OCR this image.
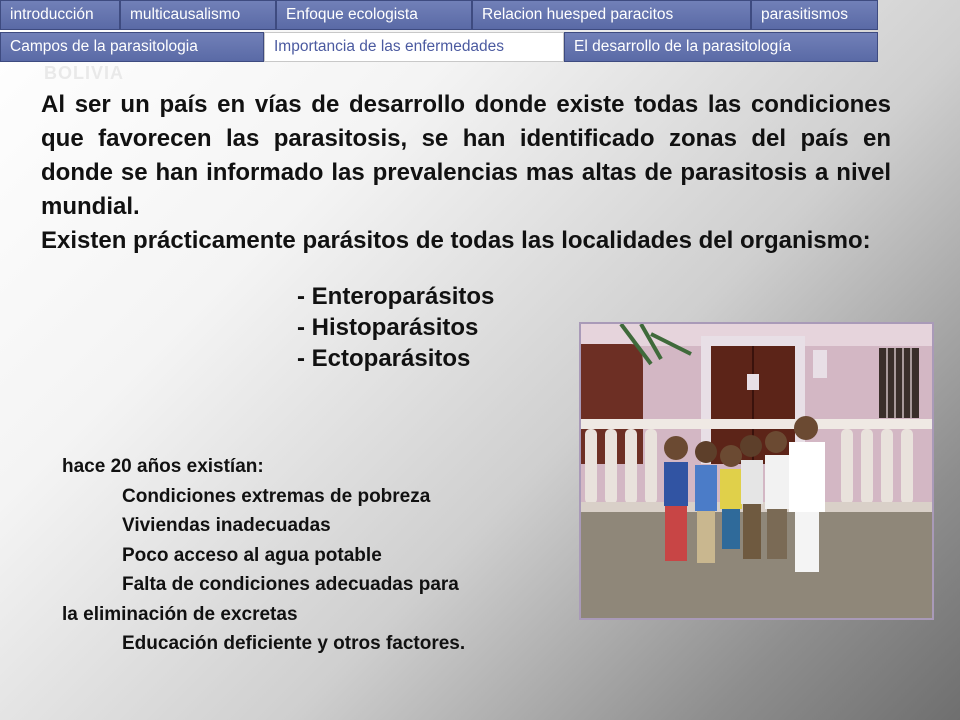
introducción	multicausalismo	Enfoque ecologista	Relacion huesped paracitos	parasitismos
Campos de la parasitologia	Importancia de las enfermedades	El desarrollo de la parasitología
BOLIVIA
Al ser un país en vías de desarrollo donde existe todas las condiciones que favorecen las parasitosis, se han identificado zonas del país en donde se han informado las prevalencias mas altas de parasitosis a nivel mundial.
Existen prácticamente parásitos de todas las localidades del organismo:
- Enteroparásitos
- Histoparásitos
- Ectoparásitos
hace 20 años existían:
Condiciones extremas de pobreza
Viviendas inadecuadas
Poco acceso al agua potable
Falta de condiciones adecuadas para
la eliminación de excretas
Educación deficiente y otros factores.
